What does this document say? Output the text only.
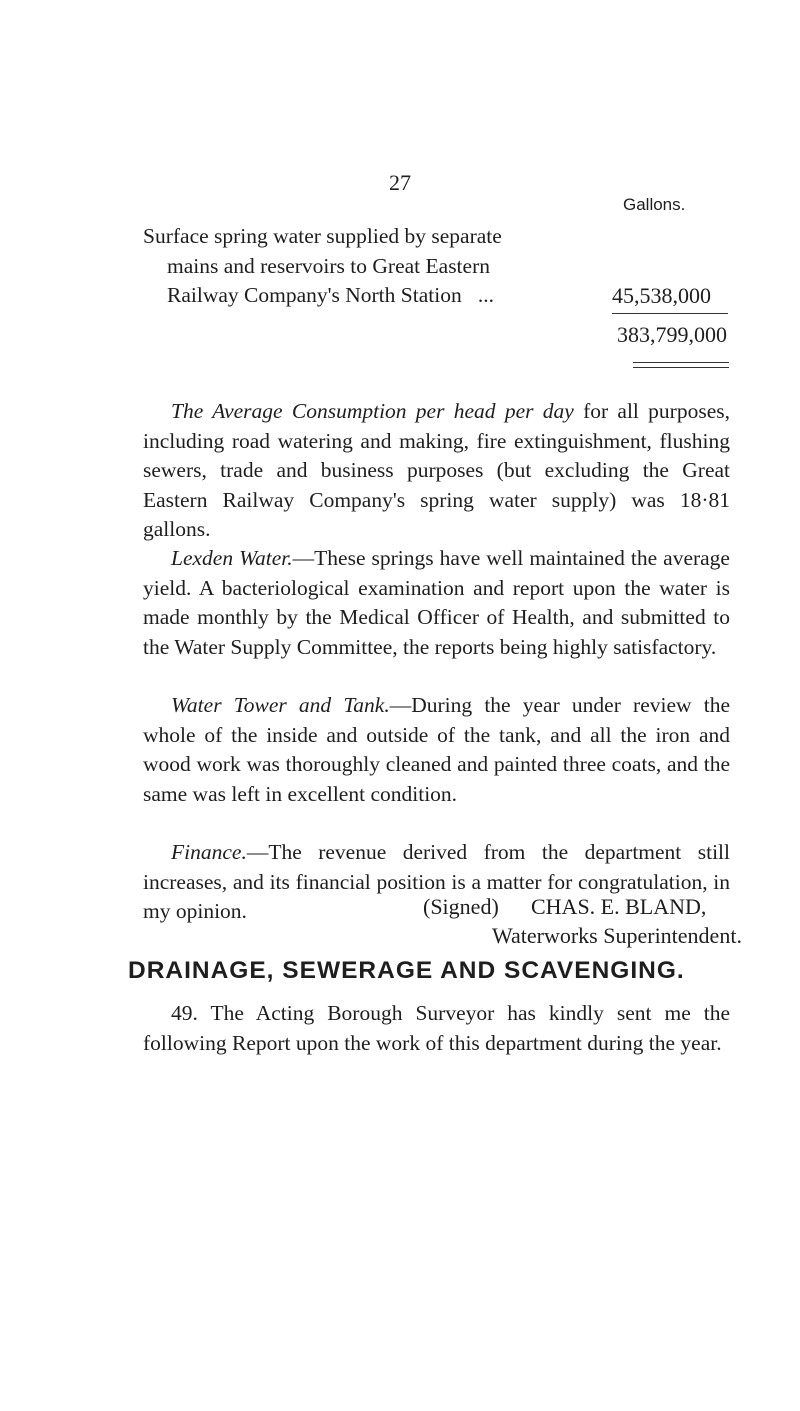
27
Gallons.
Surface spring water supplied by separate
mains and reservoirs to Great Eastern
Railway Company's North Station   ...	45,538,000
383,799,000
The Average Consumption per head per day for all purposes, including road watering and making, fire extinguishment, flushing sewers, trade and business purposes (but excluding the Great Eastern Railway Company's spring water supply) was 18·81 gallons.
Lexden Water.—These springs have well maintained the average yield. A bacteriological examination and report upon the water is made monthly by the Medical Officer of Health, and submitted to the Water Supply Committee, the reports being highly satisfactory.
Water Tower and Tank.—During the year under review the whole of the inside and outside of the tank, and all the iron and wood work was thoroughly cleaned and painted three coats, and the same was left in excellent condition.
Finance.—The revenue derived from the department still increases, and its financial position is a matter for congratulation, in my opinion.	(Signed) CHAS. E. BLAND,
Waterworks Superintendent.
DRAINAGE, SEWERAGE AND SCAVENGING.
49. The Acting Borough Surveyor has kindly sent me the following Report upon the work of this department during the year.
